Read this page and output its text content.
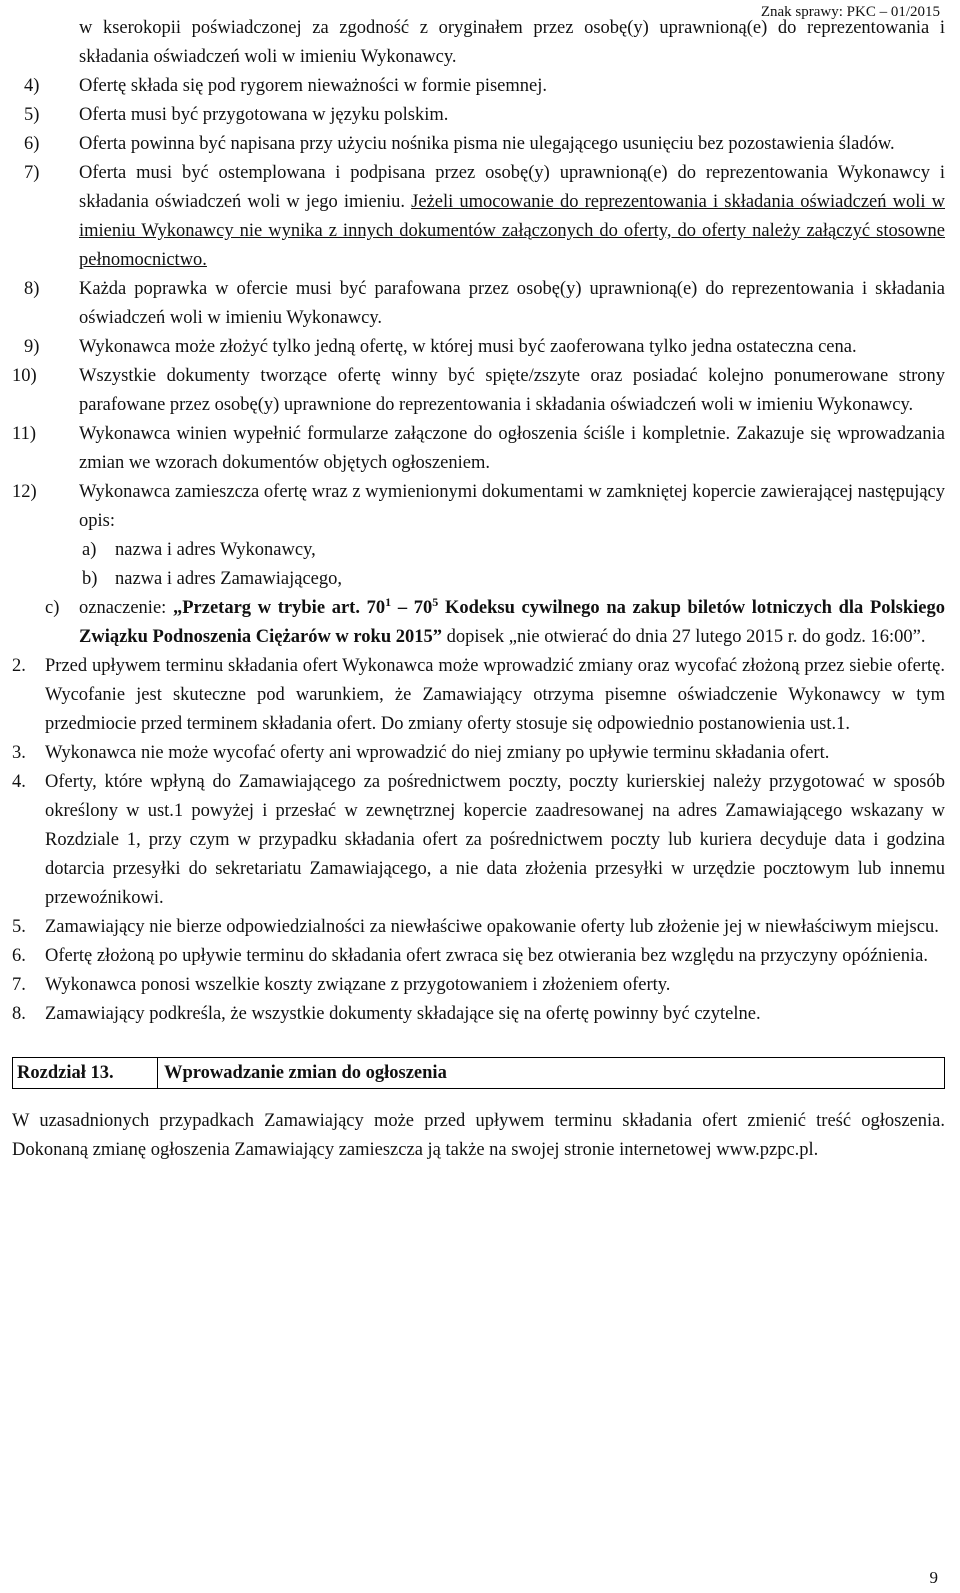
Znak sprawy: PKC – 01/2015
w kserokopii poświadczonej za zgodność z oryginałem przez osobę(y) uprawnioną(e) do reprezentowania i składania oświadczeń woli w imieniu Wykonawcy.
4) Ofertę składa się pod rygorem nieważności w formie pisemnej.
5) Oferta musi być przygotowana w języku polskim.
6) Oferta powinna być napisana przy użyciu nośnika pisma nie ulegającego usunięciu bez pozostawienia śladów.
7) Oferta musi być ostemplowana i podpisana przez osobę(y) uprawnioną(e) do reprezentowania Wykonawcy i składania oświadczeń woli w jego imieniu. Jeżeli umocowanie do reprezentowania i składania oświadczeń woli w imieniu Wykonawcy nie wynika z innych dokumentów załączonych do oferty, do oferty należy załączyć stosowne pełnomocnictwo.
8) Każda poprawka w ofercie musi być parafowana przez osobę(y) uprawnioną(e) do reprezentowania i składania oświadczeń woli w imieniu Wykonawcy.
9) Wykonawca może złożyć tylko jedną ofertę, w której musi być zaoferowana tylko jedna ostateczna cena.
10) Wszystkie dokumenty tworzące ofertę winny być spięte/zszyte oraz posiadać kolejno ponumerowane strony parafowane przez osobę(y) uprawnione do reprezentowania i składania oświadczeń woli w imieniu Wykonawcy.
11) Wykonawca winien wypełnić formularze załączone do ogłoszenia ściśle i kompletnie. Zakazuje się wprowadzania zmian we wzorach dokumentów objętych ogłoszeniem.
12) Wykonawca zamieszcza ofertę wraz z wymienionymi dokumentami w zamkniętej kopercie zawierającej następujący opis:
a) nazwa i adres Wykonawcy,
b) nazwa i adres Zamawiającego,
c) oznaczenie: „Przetarg w trybie art. $70^1 - 70^5$ Kodeksu cywilnego na zakup biletów lotniczych dla Polskiego Związku Podnoszenia Ciężarów w roku 2015” dopisek „nie otwierać do dnia 27 lutego 2015 r. do godz. 16:00”.
2. Przed upływem terminu składania ofert Wykonawca może wprowadzić zmiany oraz wycofać złożoną przez siebie ofertę. Wycofanie jest skuteczne pod warunkiem, że Zamawiający otrzyma pisemne oświadczenie Wykonawcy w tym przedmiocie przed terminem składania ofert. Do zmiany oferty stosuje się odpowiednio postanowienia ust.1.
3. Wykonawca nie może wycofać oferty ani wprowadzić do niej zmiany po upływie terminu składania ofert.
4. Oferty, które wpłyną do Zamawiającego za pośrednictwem poczty, poczty kurierskiej należy przygotować w sposób określony w ust.1 powyżej i przesłać w zewnętrznej kopercie zaadresowanej na adres Zamawiającego wskazany w Rozdziale 1, przy czym w przypadku składania ofert za pośrednictwem poczty lub kuriera decyduje data i godzina dotarcia przesyłki do sekretariatu Zamawiającego, a nie data złożenia przesyłki w urzędzie pocztowym lub innemu przewoźnikowi.
5. Zamawiający nie bierze odpowiedzialności za niewłaściwe opakowanie oferty lub złożenie jej w niewłaściwym miejscu.
6. Ofertę złożoną po upływie terminu do składania ofert zwraca się bez otwierania bez względu na przyczyny opóźnienia.
7. Wykonawca ponosi wszelkie koszty związane z przygotowaniem i złożeniem oferty.
8. Zamawiający podkreśla, że wszystkie dokumenty składające się na ofertę powinny być czytelne.
Rozdział 13.	Wprowadzanie zmian do ogłoszenia
W uzasadnionych przypadkach Zamawiający może przed upływem terminu składania ofert zmienić treść ogłoszenia. Dokonaną zmianę ogłoszenia Zamawiający zamieszcza ją także na swojej stronie internetowej www.pzpc.pl.
9
